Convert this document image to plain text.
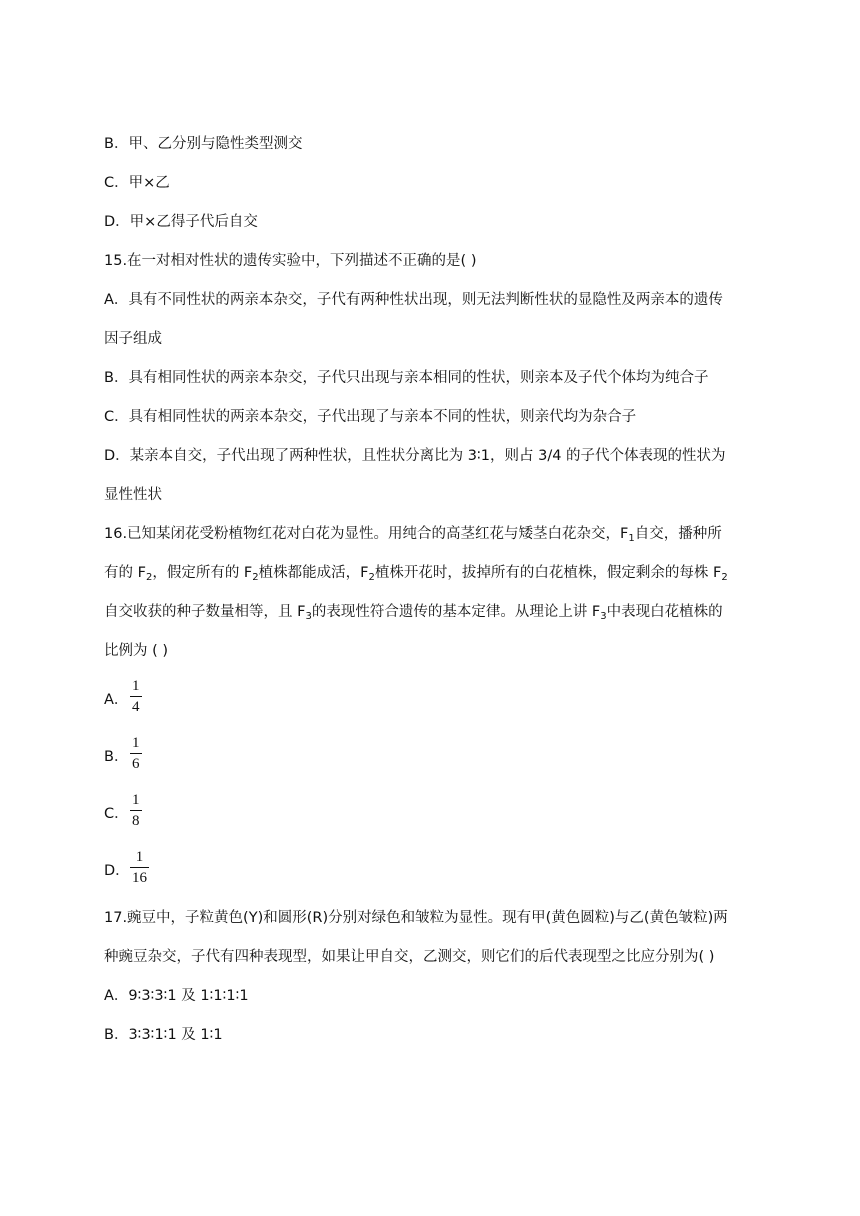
B．甲、乙分别与隐性类型测交
C．甲×乙
D．甲×乙得子代后自交
15.在一对相对性状的遗传实验中，下列描述不正确的是( )
A．具有不同性状的两亲本杂交，子代有两种性状出现，则无法判断性状的显隐性及两亲本的遗传
因子组成
B．具有相同性状的两亲本杂交，子代只出现与亲本相同的性状，则亲本及子代个体均为纯合子
C．具有相同性状的两亲本杂交，子代出现了与亲本不同的性状，则亲代均为杂合子
D．某亲本自交，子代出现了两种性状，且性状分离比为 3∶1，则占 3/4 的子代个体表现的性状为
显性性状
16.已知某闭花受粉植物红花对白花为显性。用纯合的高茎红花与矮茎白花杂交，$F_1$自交，播种所
有的 $F_2$，假定所有的 $F_2$植株都能成活，$F_2$植株开花时，拔掉所有的白花植株，假定剩余的每株 $F_2$
自交收获的种子数量相等，且 $F_3$的表现性符合遗传的基本定律。从理论上讲 $F_3$中表现白花植株的
比例为 ( )
A．
1
4
B．
1
6
C．
1
8
D．
1
16
17.豌豆中，子粒黄色(Y)和圆形(R)分别对绿色和皱粒为显性。现有甲(黄色圆粒)与乙(黄色皱粒)两
种豌豆杂交，子代有四种表现型，如果让甲自交，乙测交，则它们的后代表现型之比应分别为( )
A．9∶3∶3∶1 及 1∶1∶1∶1
B．3∶3∶1∶1 及 1∶1
